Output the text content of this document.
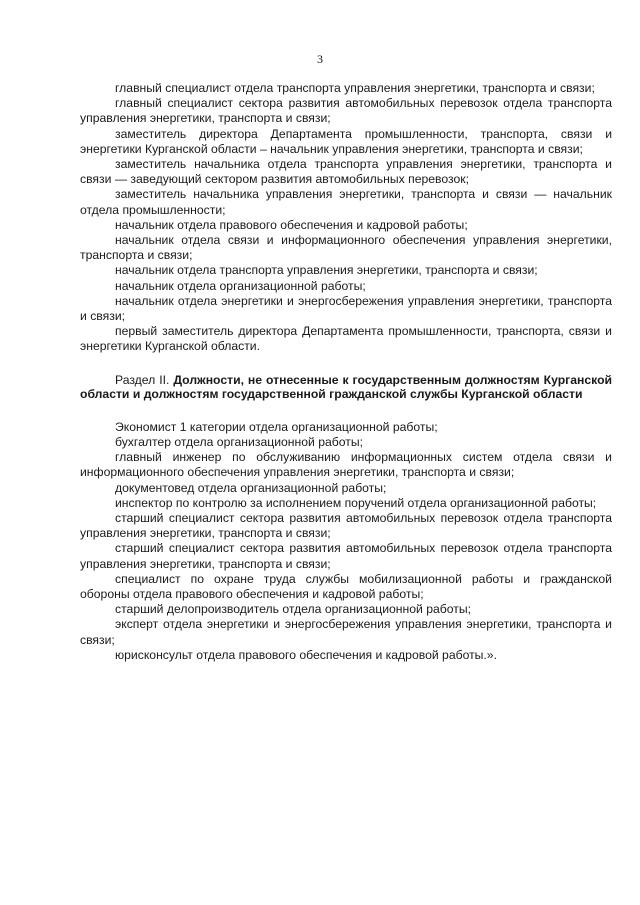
3

главный специалист отдела транспорта управления энергетики, транспорта и связи;

главный специалист сектора развития автомобильных перевозок отдела транспорта управления энергетики, транспорта и связи;

заместитель директора Департамента промышленности, транспорта, связи и энергетики Курганской области – начальник управления энергетики, транспорта и связи;

заместитель начальника отдела транспорта управления энергетики, транспорта и связи — заведующий сектором развития автомобильных перевозок;

заместитель начальника управления энергетики, транспорта и связи — начальник отдела промышленности;

начальник отдела правового обеспечения и кадровой работы;

начальник отдела связи и информационного обеспечения управления энергетики, транспорта и связи;

начальник отдела транспорта управления энергетики, транспорта и связи;

начальник отдела организационной работы;

начальник отдела энергетики и энергосбережения управления энергетики, транспорта и связи;

первый заместитель директора Департамента промышленности, транспорта, связи и энергетики Курганской области.

Раздел II. Должности, не отнесенные к государственным должностям Курганской области и должностям государственной гражданской службы Курганской области

Экономист 1 категории отдела организационной работы;

бухгалтер отдела организационной работы;

главный инженер по обслуживанию информационных систем отдела связи и информационного обеспечения управления энергетики, транспорта и связи;

документовед отдела организационной работы;

инспектор по контролю за исполнением поручений отдела организационной работы;

старший специалист сектора развития автомобильных перевозок отдела транспорта управления энергетики, транспорта и связи;

старший специалист сектора развития автомобильных перевозок отдела транспорта управления энергетики, транспорта и связи;

специалист по охране труда службы мобилизационной работы и гражданской обороны отдела правового обеспечения и кадровой работы;

старший делопроизводитель отдела организационной работы;

эксперт отдела энергетики и энергосбережения управления энергетики, транспорта и связи;

юрисконсульт отдела правового обеспечения и кадровой работы.».
